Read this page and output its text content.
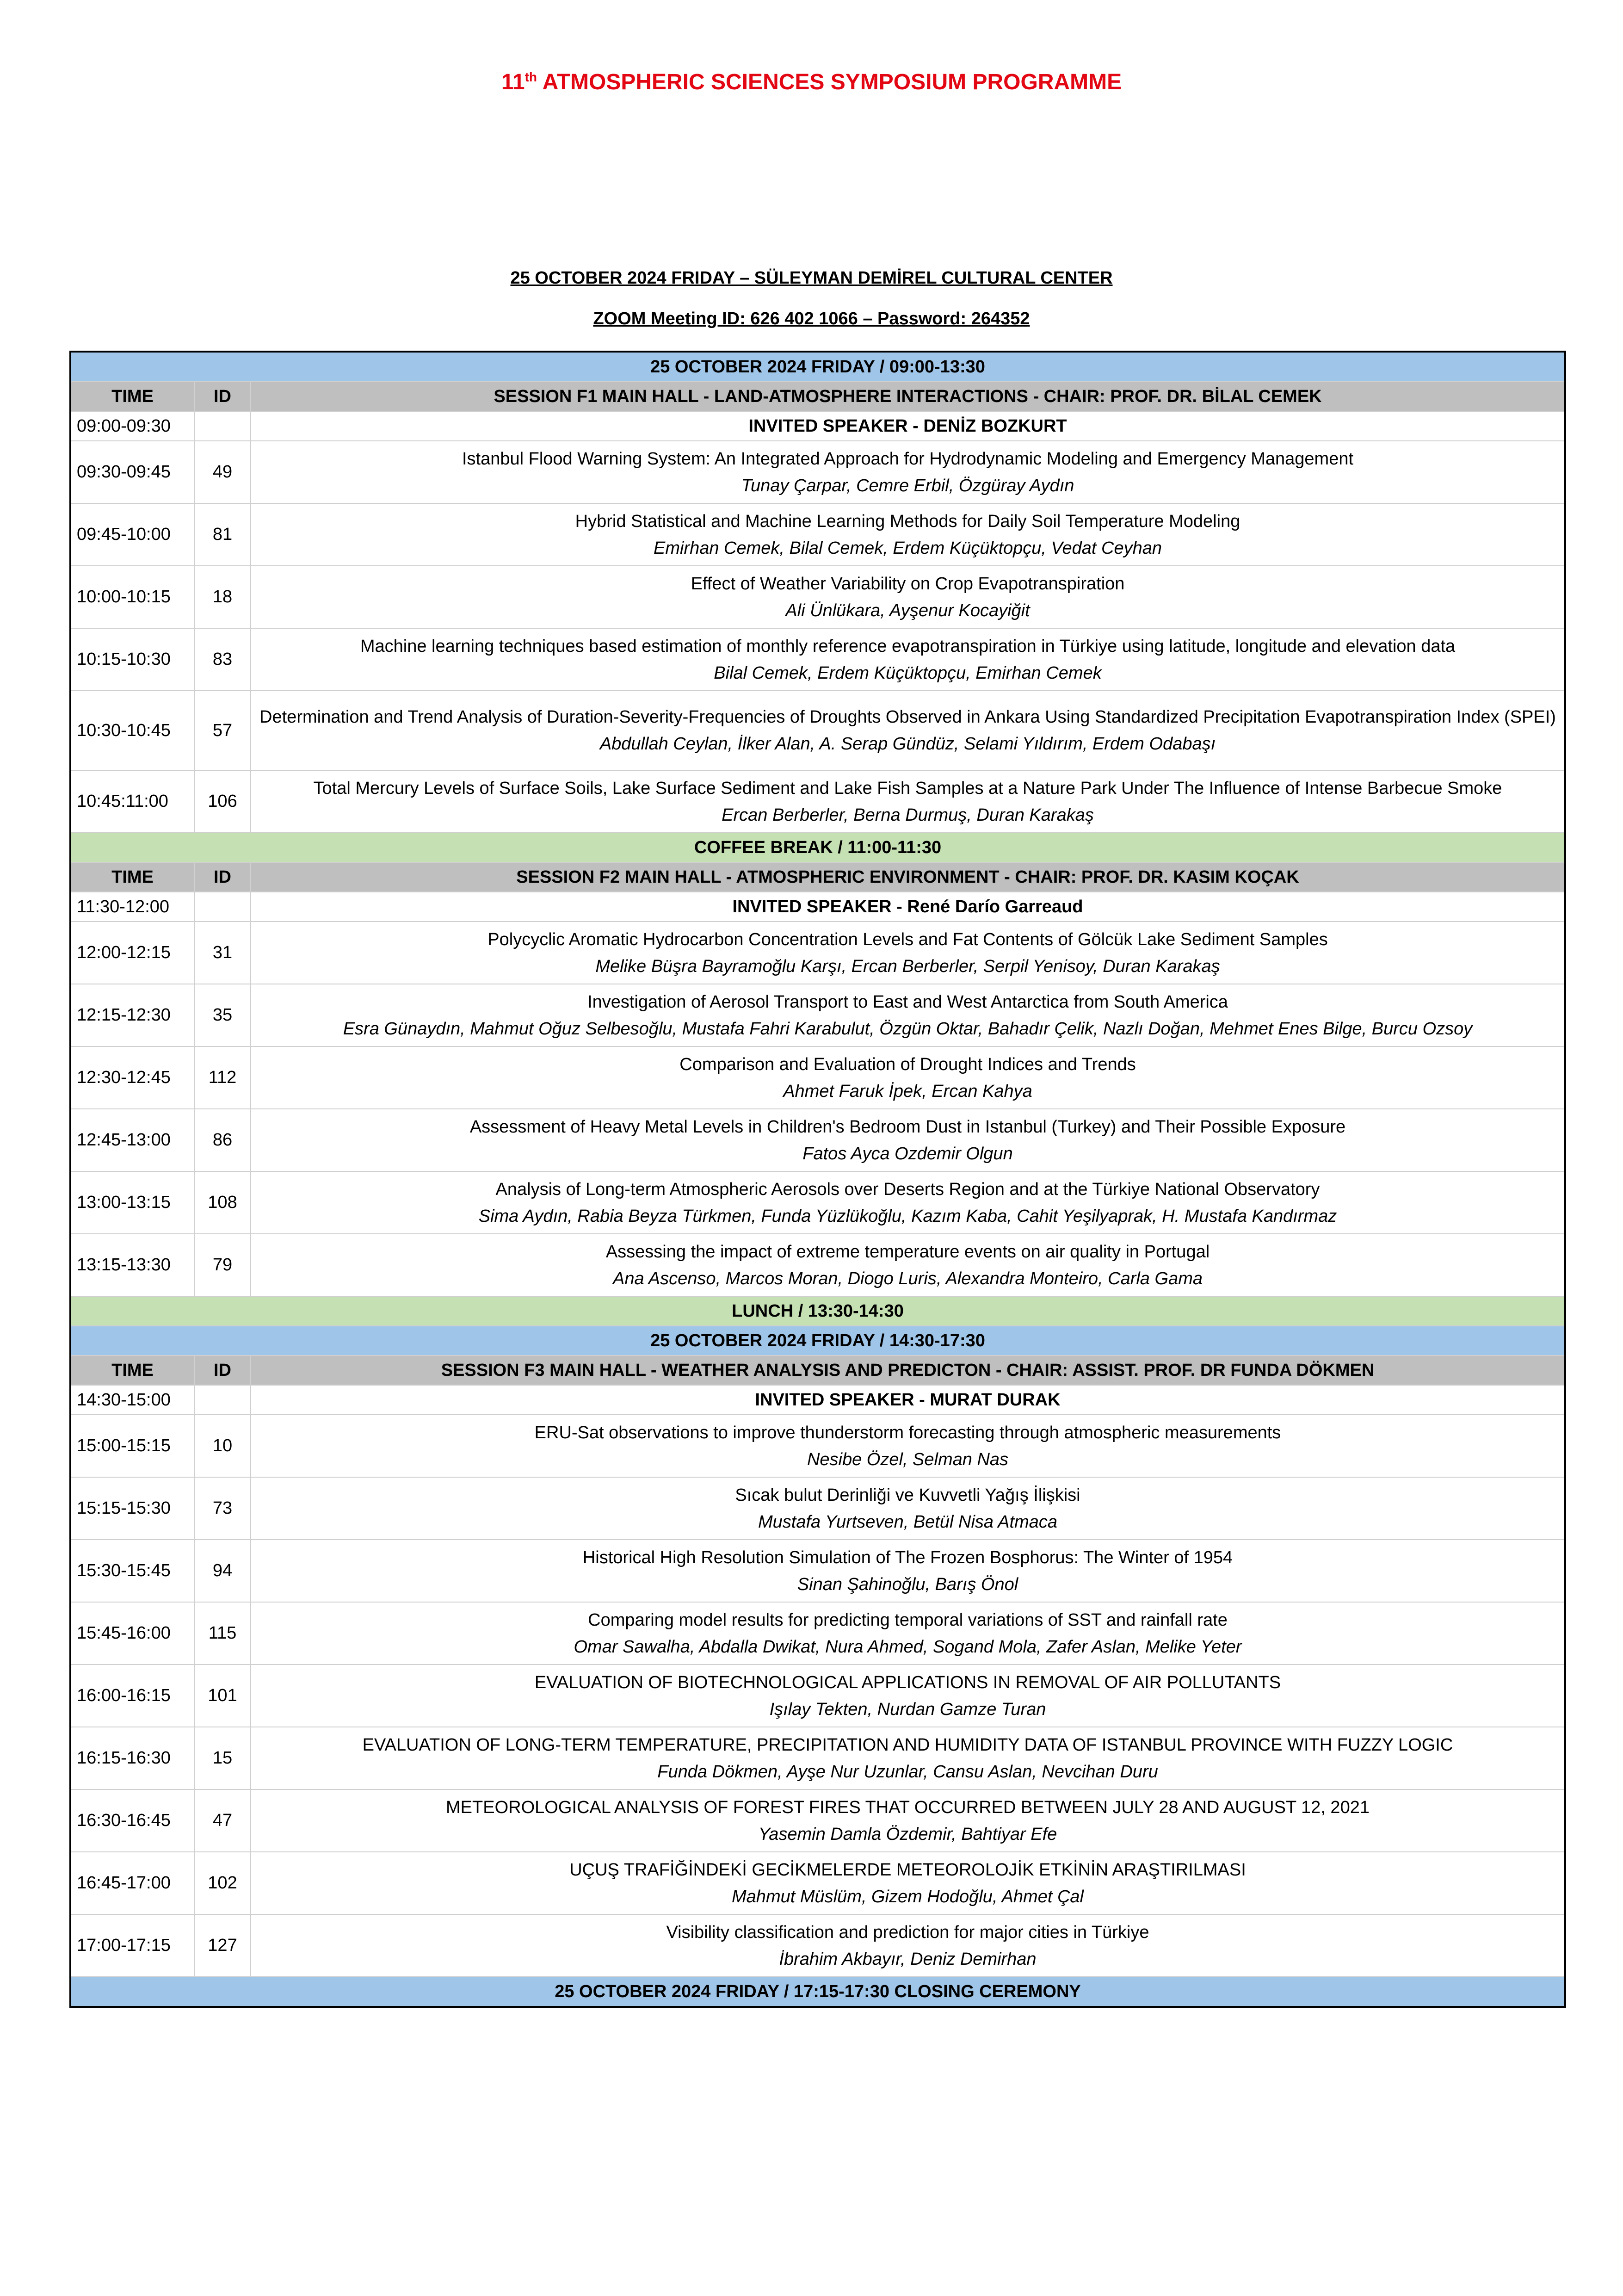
11th ATMOSPHERIC SCIENCES SYMPOSIUM PROGRAMME
25 OCTOBER 2024 FRIDAY – SÜLEYMAN DEMİREL CULTURAL CENTER
ZOOM Meeting ID: 626 402 1066 – Password: 264352
25 OCTOBER 2024 FRIDAY / 09:00-13:30		
TIME	ID	SESSION F1 MAIN HALL - LAND-ATMOSPHERE INTERACTIONS - CHAIR: PROF. DR. BİLAL CEMEK
09:00-09:30		INVITED SPEAKER - DENİZ BOZKURT
09:30-09:45	49	Istanbul Flood Warning System: An Integrated Approach for Hydrodynamic Modeling and Emergency Management
Tunay Çarpar, Cemre Erbil, Özgüray Aydın

09:45-10:00	81	Hybrid Statistical and Machine Learning Methods for Daily Soil Temperature Modeling
Emirhan Cemek, Bilal Cemek, Erdem Küçüktopçu, Vedat Ceyhan

10:00-10:15	18	Effect of Weather Variability on Crop Evapotranspiration
Ali Ünlükara, Ayşenur Kocayiğit

10:15-10:30	83	Machine learning techniques based estimation of monthly reference evapotranspiration in Türkiye using latitude, longitude and elevation data
Bilal Cemek, Erdem Küçüktopçu, Emirhan Cemek

10:30-10:45	57	Determination and Trend Analysis of Duration-Severity-Frequencies of Droughts Observed in Ankara Using Standardized Precipitation Evapotranspiration Index (SPEI)
Abdullah Ceylan, İlker Alan, A. Serap Gündüz, Selami Yıldırım, Erdem Odabaşı

10:45:11:00	106	Total Mercury Levels of Surface Soils, Lake Surface Sediment and Lake Fish Samples at a Nature Park Under The Influence of Intense Barbecue Smoke
Ercan Berberler, Berna Durmuş, Duran Karakaş

COFFEE BREAK / 11:00-11:30		
TIME	ID	SESSION F2 MAIN HALL - ATMOSPHERIC ENVIRONMENT - CHAIR: PROF. DR. KASIM KOÇAK
11:30-12:00		INVITED SPEAKER - René Darío Garreaud
12:00-12:15	31	Polycyclic Aromatic Hydrocarbon Concentration Levels and Fat Contents of Gölcük Lake Sediment Samples
Melike Büşra Bayramoğlu Karşı, Ercan Berberler, Serpil Yenisoy, Duran Karakaş

12:15-12:30	35	Investigation of Aerosol Transport to East and West Antarctica from South America
Esra Günaydın, Mahmut Oğuz Selbesoğlu, Mustafa Fahri Karabulut, Özgün Oktar, Bahadır Çelik, Nazlı Doğan, Mehmet Enes Bilge, Burcu Ozsoy

12:30-12:45	112	Comparison and Evaluation of Drought Indices and Trends
Ahmet Faruk İpek, Ercan Kahya

12:45-13:00	86	Assessment of Heavy Metal Levels in Children's Bedroom Dust in Istanbul (Turkey) and Their Possible Exposure
Fatos Ayca Ozdemir Olgun

13:00-13:15	108	Analysis of Long-term Atmospheric Aerosols over Deserts Region and at the Türkiye National Observatory
Sima Aydın, Rabia Beyza Türkmen, Funda Yüzlükoğlu, Kazım Kaba, Cahit Yeşilyaprak, H. Mustafa Kandırmaz

13:15-13:30	79	Assessing the impact of extreme temperature events on air quality in Portugal
Ana Ascenso, Marcos Moran, Diogo Luris, Alexandra Monteiro, Carla Gama

LUNCH / 13:30-14:30		
25 OCTOBER 2024 FRIDAY / 14:30-17:30		
TIME	ID	SESSION F3 MAIN HALL - WEATHER ANALYSIS AND PREDICTON - CHAIR: ASSIST. PROF. DR FUNDA DÖKMEN
14:30-15:00		INVITED SPEAKER - MURAT DURAK
15:00-15:15	10	ERU-Sat observations to improve thunderstorm forecasting through atmospheric measurements
Nesibe Özel, Selman Nas

15:15-15:30	73	Sıcak bulut Derinliği ve Kuvvetli Yağış İlişkisi
Mustafa Yurtseven, Betül Nisa Atmaca

15:30-15:45	94	Historical High Resolution Simulation of The Frozen Bosphorus: The Winter of 1954
Sinan Şahinoğlu, Barış Önol

15:45-16:00	115	Comparing model results for predicting temporal variations of SST and rainfall rate
Omar Sawalha, Abdalla Dwikat, Nura Ahmed, Sogand Mola, Zafer Aslan, Melike Yeter

16:00-16:15	101	EVALUATION OF BIOTECHNOLOGICAL APPLICATIONS IN REMOVAL OF AIR POLLUTANTS
Işılay Tekten, Nurdan Gamze Turan

16:15-16:30	15	EVALUATION OF LONG-TERM TEMPERATURE, PRECIPITATION AND HUMIDITY DATA OF ISTANBUL PROVINCE WITH FUZZY LOGIC
Funda Dökmen, Ayşe Nur Uzunlar, Cansu Aslan, Nevcihan Duru

16:30-16:45	47	METEOROLOGICAL ANALYSIS OF FOREST FIRES THAT OCCURRED BETWEEN JULY 28 AND AUGUST 12, 2021
Yasemin Damla Özdemir, Bahtiyar Efe

16:45-17:00	102	UÇUŞ TRAFİĞİNDEKİ GECİKMELERDE METEOROLOJİK ETKİNİN ARAŞTIRILMASI
Mahmut Müslüm, Gizem Hodoğlu, Ahmet Çal

17:00-17:15	127	Visibility classification and prediction for major cities in Türkiye
İbrahim Akbayır, Deniz Demirhan

25 OCTOBER 2024 FRIDAY / 17:15-17:30 CLOSING CEREMONY		
